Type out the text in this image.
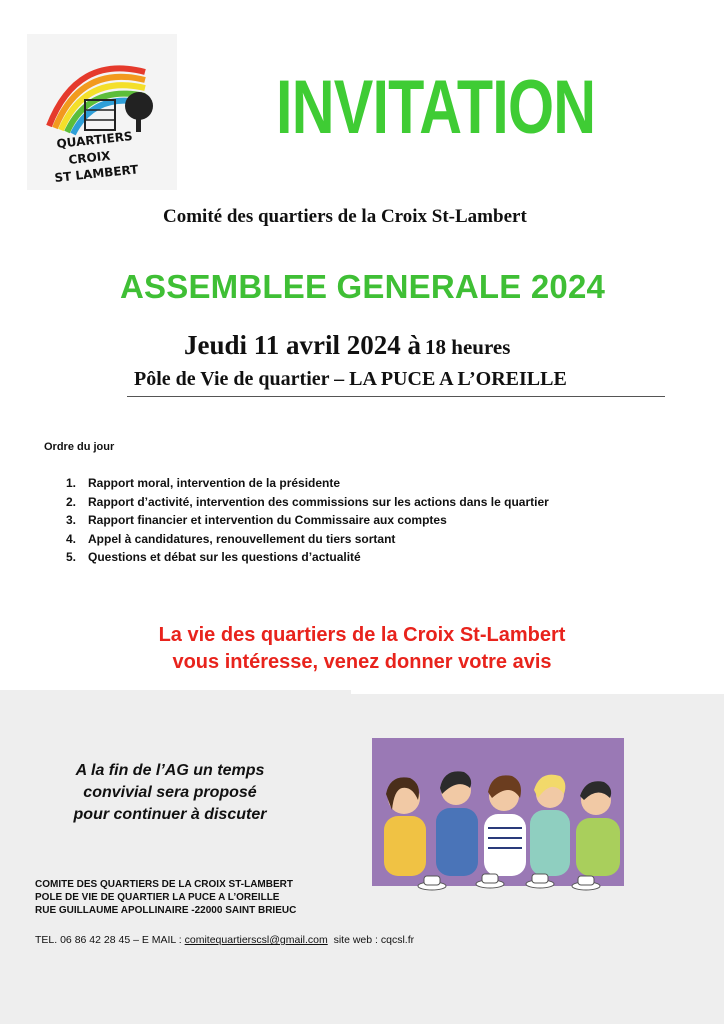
QUARTIERS
CROIX
ST LAMBERT
INVITATION

Comité des quartiers de la Croix St-Lambert

ASSEMBLEE GENERALE 2024

Jeudi 11 avril 2024 à 18 heures

Pôle de Vie de quartier – LA PUCE A L’OREILLE

Ordre du jour
1. Rapport moral, intervention de la présidente
2. Rapport d’activité, intervention des commissions sur les actions dans le quartier
3. Rapport financier et intervention du Commissaire aux comptes
4. Appel à candidatures, renouvellement du tiers sortant
5. Questions et débat sur les questions d’actualité
La vie des quartiers de la Croix St-Lambert
vous intéresse, venez donner votre avis
A la fin de l’AG un temps
convivial sera proposé
pour continuer à discuter
COMITE DES QUARTIERS DE LA CROIX ST-LAMBERT
POLE DE VIE DE QUARTIER LA PUCE A L’OREILLE
RUE GUILLAUME APOLLINAIRE -22000 SAINT BRIEUC
TEL. 06 86 42 28 45 – E MAIL : comitequartierscsl@gmail.com site web : cqcsl.fr
